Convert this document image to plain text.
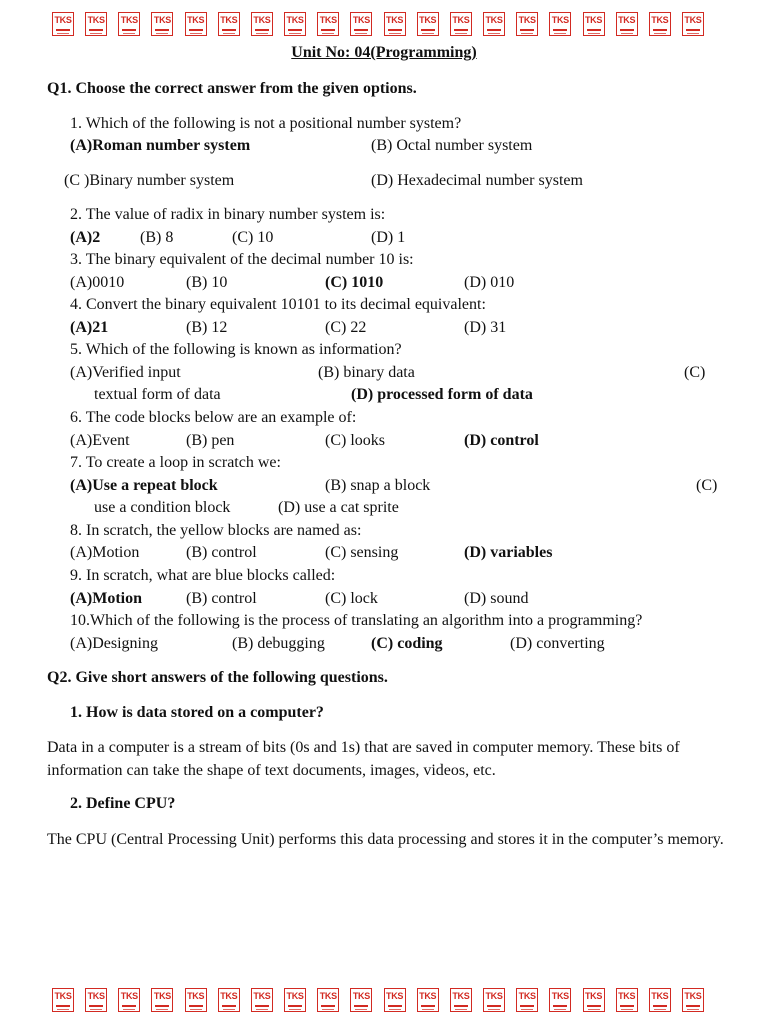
TKS TKS TKS TKS TKS TKS TKS TKS TKS TKS TKS TKS TKS TKS TKS TKS TKS TKS TKS TKS
Unit No: 04(Programming)
Q1. Choose the correct answer from the given options.
1. Which of the following is not a positional number system?
(A)Roman number system	(B) Octal number system
(C )Binary number system	(D) Hexadecimal number system
2. The value of radix in binary number system is:
(A)2 (B) 8	(C) 10	(D) 1
3. The binary equivalent of the decimal number 10 is:
(A)0010	(B) 10	(C) 1010	(D) 010
4. Convert the binary equivalent 10101 to its decimal equivalent:
(A)21	(B) 12	(C) 22	(D) 31
5. Which of the following is known as information?
(A)Verified input	(B) binary data	(C)
textual form of data	(D) processed form of data
6. The code blocks below are an example of:
(A)Event	(B) pen	(C) looks	(D) control
7. To create a loop in scratch we:
(A)Use a repeat block	(B) snap a block	(C)
use a condition block	(D) use a cat sprite
8. In scratch, the yellow blocks are named as:
(A)Motion	(B) control	(C) sensing	(D) variables
9. In scratch, what are blue blocks called:
(A)Motion	(B) control	(C) lock	(D) sound
10.Which of the following is the process of translating an algorithm into a programming?
(A)Designing	(B) debugging	(C) coding	(D) converting
Q2. Give short answers of the following questions.
1. How is data stored on a computer?
Data in a computer is a stream of bits (0s and 1s) that are saved in computer memory. These bits of information can take the shape of text documents, images, videos, etc.
2. Define CPU?
The CPU (Central Processing Unit) performs this data processing and stores it in the computer’s memory.
TKS TKS TKS TKS TKS TKS TKS TKS TKS TKS TKS TKS TKS TKS TKS TKS TKS TKS TKS TKS
